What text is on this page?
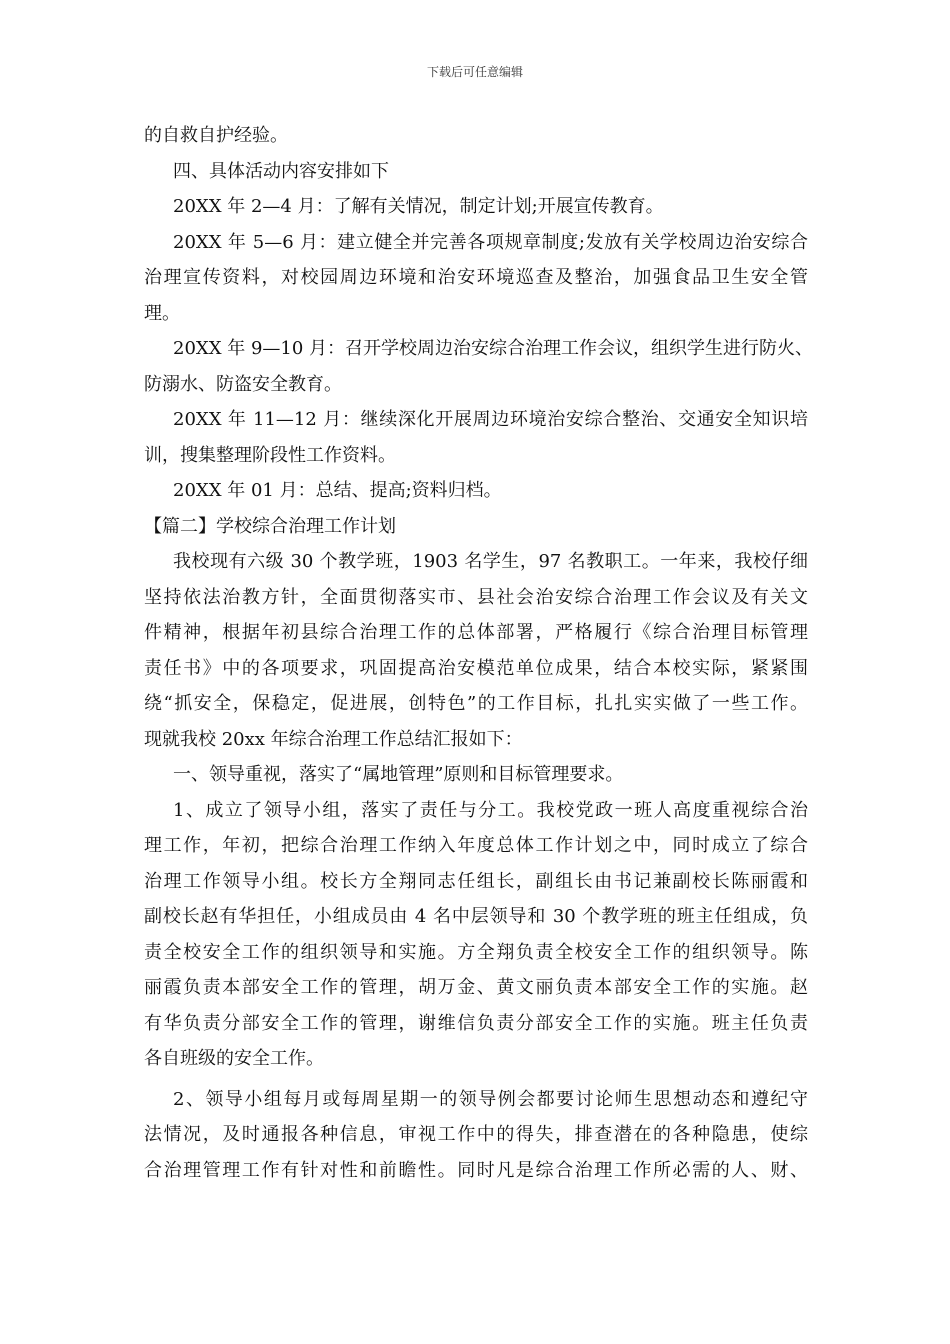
下载后可任意编辑
的自救自护经验。
四、具体活动内容安排如下
20XX 年 2—4 月：了解有关情况，制定计划;开展宣传教育。
20XX 年 5—6 月：建立健全并完善各项规章制度;发放有关学校周边治安综合
治理宣传资料，对校园周边环境和治安环境巡查及整治，加强食品卫生安全管
理。
20XX 年 9—10 月：召开学校周边治安综合治理工作会议，组织学生进行防火、
防溺水、防盗安全教育。
20XX 年 11—12 月：继续深化开展周边环境治安综合整治、交通安全知识培
训，搜集整理阶段性工作资料。
20XX 年 01 月：总结、提高;资料归档。
【篇二】学校综合治理工作计划
我校现有六级 30 个教学班，1903 名学生，97 名教职工。一年来，我校仔细
坚持依法治教方针，全面贯彻落实市、县社会治安综合治理工作会议及有关文
件精神，根据年初县综合治理工作的总体部署，严格履行《综合治理目标管理
责任书》中的各项要求，巩固提高治安模范单位成果，结合本校实际，紧紧围
绕“抓安全，保稳定，促进展，创特色”的工作目标，扎扎实实做了一些工作。
现就我校 20xx 年综合治理工作总结汇报如下：
一、领导重视，落实了“属地管理”原则和目标管理要求。
1、成立了领导小组，落实了责任与分工。我校党政一班人高度重视综合治
理工作，年初，把综合治理工作纳入年度总体工作计划之中，同时成立了综合
治理工作领导小组。校长方全翔同志任组长，副组长由书记兼副校长陈丽霞和
副校长赵有华担任，小组成员由 4 名中层领导和 30 个教学班的班主任组成，负
责全校安全工作的组织领导和实施。方全翔负责全校安全工作的组织领导。陈
丽霞负责本部安全工作的管理，胡万金、黄文丽负责本部安全工作的实施。赵
有华负责分部安全工作的管理，谢维信负责分部安全工作的实施。班主任负责
各自班级的安全工作。
2、领导小组每月或每周星期一的领导例会都要讨论师生思想动态和遵纪守
法情况，及时通报各种信息，审视工作中的得失，排查潜在的各种隐患，使综
合治理管理工作有针对性和前瞻性。同时凡是综合治理工作所必需的人、财、
